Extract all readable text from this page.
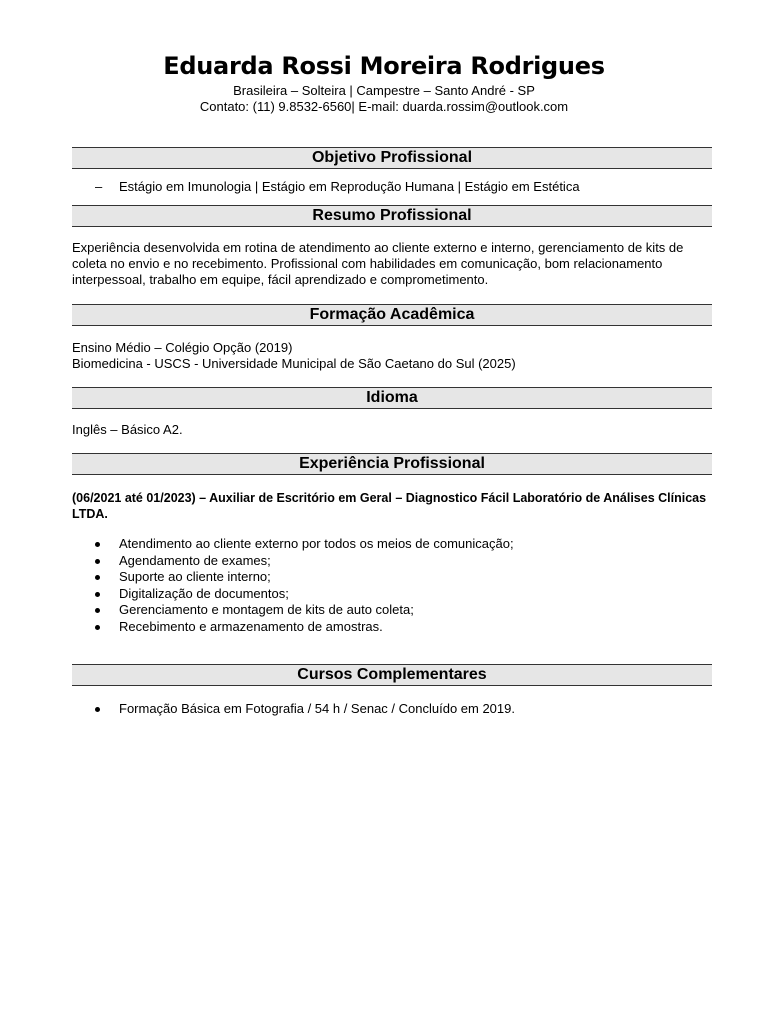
Eduarda Rossi Moreira Rodrigues
Brasileira – Solteira | Campestre – Santo André - SP
Contato: (11) 9.8532-6560| E-mail: duarda.rossim@outlook.com
Objetivo Profissional
– Estágio em Imunologia | Estágio em Reprodução Humana | Estágio em Estética
Resumo Profissional
Experiência desenvolvida em rotina de atendimento ao cliente externo e interno, gerenciamento de kits de coleta no envio e no recebimento. Profissional com habilidades em comunicação, bom relacionamento interpessoal, trabalho em equipe, fácil aprendizado e comprometimento.
Formação Acadêmica
Ensino Médio – Colégio Opção (2019)
Biomedicina - USCS - Universidade Municipal de São Caetano do Sul (2025)
Idioma
Inglês – Básico A2.
Experiência Profissional
(06/2021 até 01/2023) – Auxiliar de Escritório em Geral – Diagnostico Fácil Laboratório de Análises Clínicas LTDA.
Atendimento ao cliente externo por todos os meios de comunicação;
Agendamento de exames;
Suporte ao cliente interno;
Digitalização de documentos;
Gerenciamento e montagem de kits de auto coleta;
Recebimento e armazenamento de amostras.
Cursos Complementares
Formação Básica em Fotografia / 54 h / Senac / Concluído em 2019.
